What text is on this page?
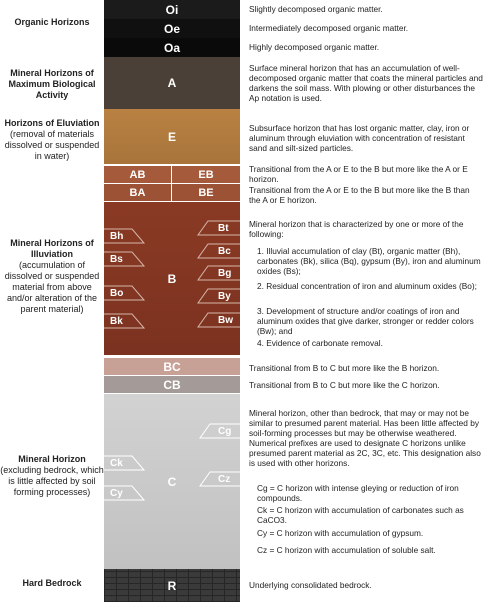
Organic Horizons
Mineral Horizons of Maximum Biological Activity
Horizons of Eluviation
(removal of materials dissolved or suspended in water)
Mineral Horizons of Illuviation
(accumulation of dissolved or suspended material from above and/or alteration of the parent material)
Mineral Horizon
(excluding bedrock, which is little affected by soil forming processes)
Hard Bedrock
Oi
Oe
Oa
A
E
AB	EB
BA	BE
B
Bh
Bs
Bo
Bk
Bt
Bc
Bg
By
Bw
BC
CB
C
Ck
Cy
Cg
Cz
R
Slightly decomposed organic matter.
Intermediately decomposed organic matter.
Highly decomposed organic matter.
Surface mineral horizon that has an accumulation of well-decomposed organic matter that coats the mineral particles and darkens the soil mass. With plowing or other disturbances the Ap notation is used.
Subsurface horizon that has lost organic matter, clay, iron or aluminum through eluviation with concentration of resistant sand and silt-sized particles.
Transitional from the A or E to the B but more like the A or E horizon.
Transitional from the A or E to the B but more like the B than the A or E horizon.
Mineral horizon that is characterized by one or more of the following:
1. Illuvial accumulation of clay (Bt), organic matter (Bh), carbonates (Bk), silica (Bq), gypsum (By), iron and aluminum oxides (Bs);
2. Residual concentration of iron and aluminum oxides (Bo);
3. Development of structure and/or coatings of iron and aluminum oxides that give darker, stronger or redder colors (Bw); and
4. Evidence of carbonate removal.
Transitional from B to C but more like the B horizon.
Transitional from B to C but more like the C horizon.
Mineral horizon, other than bedrock, that may or may not be similar to presumed parent material. Has been little affected by soil-forming processes but may be otherwise weathered. Numerical prefixes are used to designate C horizons unlike presumed parent material as 2C, 3C, etc. This designation also is used with other horizons.
Cg = C horizon with intense gleying or reduction of iron compounds.
Ck = C horizon with accumulation of carbonates such as CaCO3.
Cy = C horizon with accumulation of gypsum.
Cz = C horizon with accumulation of soluble salt.
Underlying consolidated bedrock.
